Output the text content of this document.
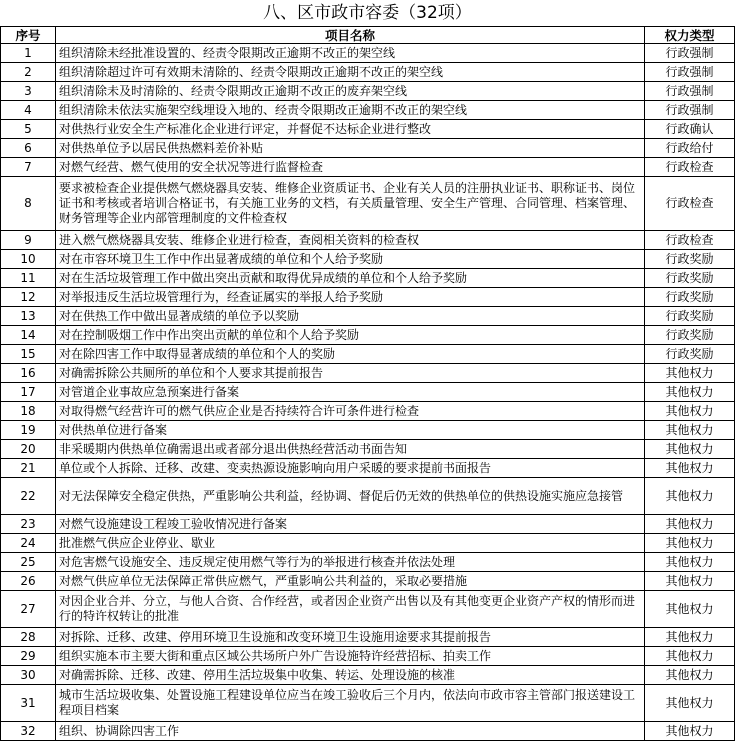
八、区市政市容委（32项）
序号	项目名称	权力类型
1	组织清除未经批准设置的、经责令限期改正逾期不改正的架空线	行政强制
2	组织清除超过许可有效期未清除的、经责令限期改正逾期不改正的架空线	行政强制
3	组织清除未及时清除的、经责令限期改正逾期不改正的废弃架空线	行政强制
4	组织清除未依法实施架空线埋设入地的、经责令限期改正逾期不改正的架空线	行政强制
5	对供热行业安全生产标准化企业进行评定，并督促不达标企业进行整改	行政确认
6	对供热单位予以居民供热燃料差价补贴	行政给付
7	对燃气经营、燃气使用的安全状况等进行监督检查	行政检查
8	要求被检查企业提供燃气燃烧器具安装、维修企业资质证书、企业有关人员的注册执业证书、职称证书、岗位证书和考核或者培训合格证书，有关施工业务的文档，有关质量管理、安全生产管理、合同管理、档案管理、财务管理等企业内部管理制度的文件检查权	行政检查
9	进入燃气燃烧器具安装、维修企业进行检查，查阅相关资料的检查权	行政检查
10	对在市容环境卫生工作中作出显著成绩的单位和个人给予奖励	行政奖励
11	对在生活垃圾管理工作中做出突出贡献和取得优异成绩的单位和个人给予奖励	行政奖励
12	对举报违反生活垃圾管理行为，经查证属实的举报人给予奖励	行政奖励
13	对在供热工作中做出显著成绩的单位予以奖励	行政奖励
14	对在控制吸烟工作中作出突出贡献的单位和个人给予奖励	行政奖励
15	对在除四害工作中取得显著成绩的单位和个人的奖励	行政奖励
16	对确需拆除公共厕所的单位和个人要求其提前报告	其他权力
17	对管道企业事故应急预案进行备案	其他权力
18	对取得燃气经营许可的燃气供应企业是否持续符合许可条件进行检查	其他权力
19	对供热单位进行备案	其他权力
20	非采暖期内供热单位确需退出或者部分退出供热经营活动书面告知	其他权力
21	单位或个人拆除、迁移、改建、变卖热源设施影响向用户采暖的要求提前书面报告	其他权力
22	对无法保障安全稳定供热，严重影响公共利益，经协调、督促后仍无效的供热单位的供热设施实施应急接管	其他权力
23	对燃气设施建设工程竣工验收情况进行备案	其他权力
24	批准燃气供应企业停业、歇业	其他权力
25	对危害燃气设施安全、违反规定使用燃气等行为的举报进行核查并依法处理	其他权力
26	对燃气供应单位无法保障正常供应燃气，严重影响公共利益的，采取必要措施	其他权力
27	对因企业合并、分立，与他人合资、合作经营，或者因企业资产出售以及有其他变更企业资产产权的情形而进行的特许权转让的批准	其他权力
28	对拆除、迁移、改建、停用环境卫生设施和改变环境卫生设施用途要求其提前报告	其他权力
29	组织实施本市主要大街和重点区域公共场所户外广告设施特许经营招标、拍卖工作	其他权力
30	对确需拆除、迁移、改建、停用生活垃圾集中收集、转运、处理设施的核准	其他权力
31	城市生活垃圾收集、处置设施工程建设单位应当在竣工验收后三个月内，依法向市政市容主管部门报送建设工程项目档案	其他权力
32	组织、协调除四害工作	其他权力
